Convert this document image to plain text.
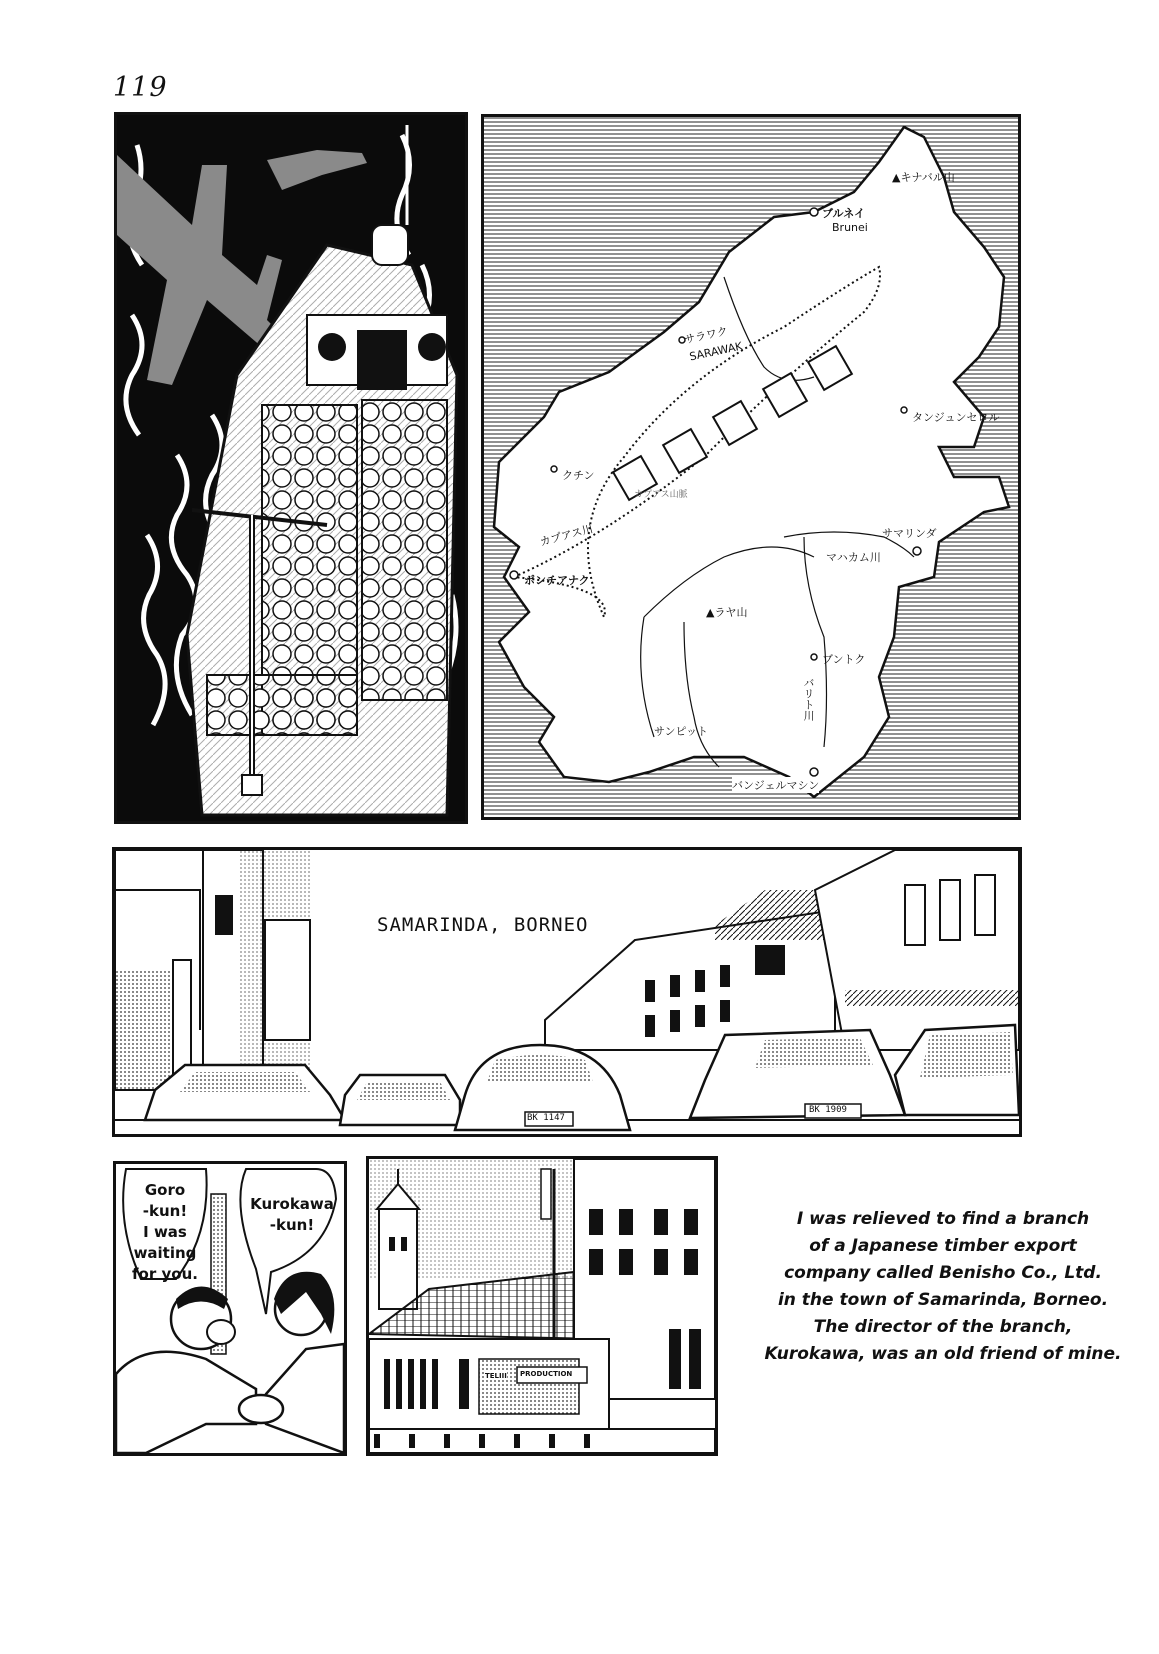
119
▲キナバル山
ブルネイ
Brunei
サラワク
SARAWAK
クチン
カプアス山脈
カプアス川
ポンチアナク
タンジュンセロル
サマリンダ
マハカム川
▲ラヤ山
ブントク
バリト川
サンピット
バンジェルマシン
SAMARINDA, BORNEO
BK 1147
BK 1909
Goro
-kun!
I was
waiting
for you.
Kurokawa
-kun!
TELIII PRODUCTION
I was relieved to find a branch
of a Japanese timber export
company called Benisho Co., Ltd.
in the town of Samarinda, Borneo.
The director of the branch,
Kurokawa, was an old friend of mine.
